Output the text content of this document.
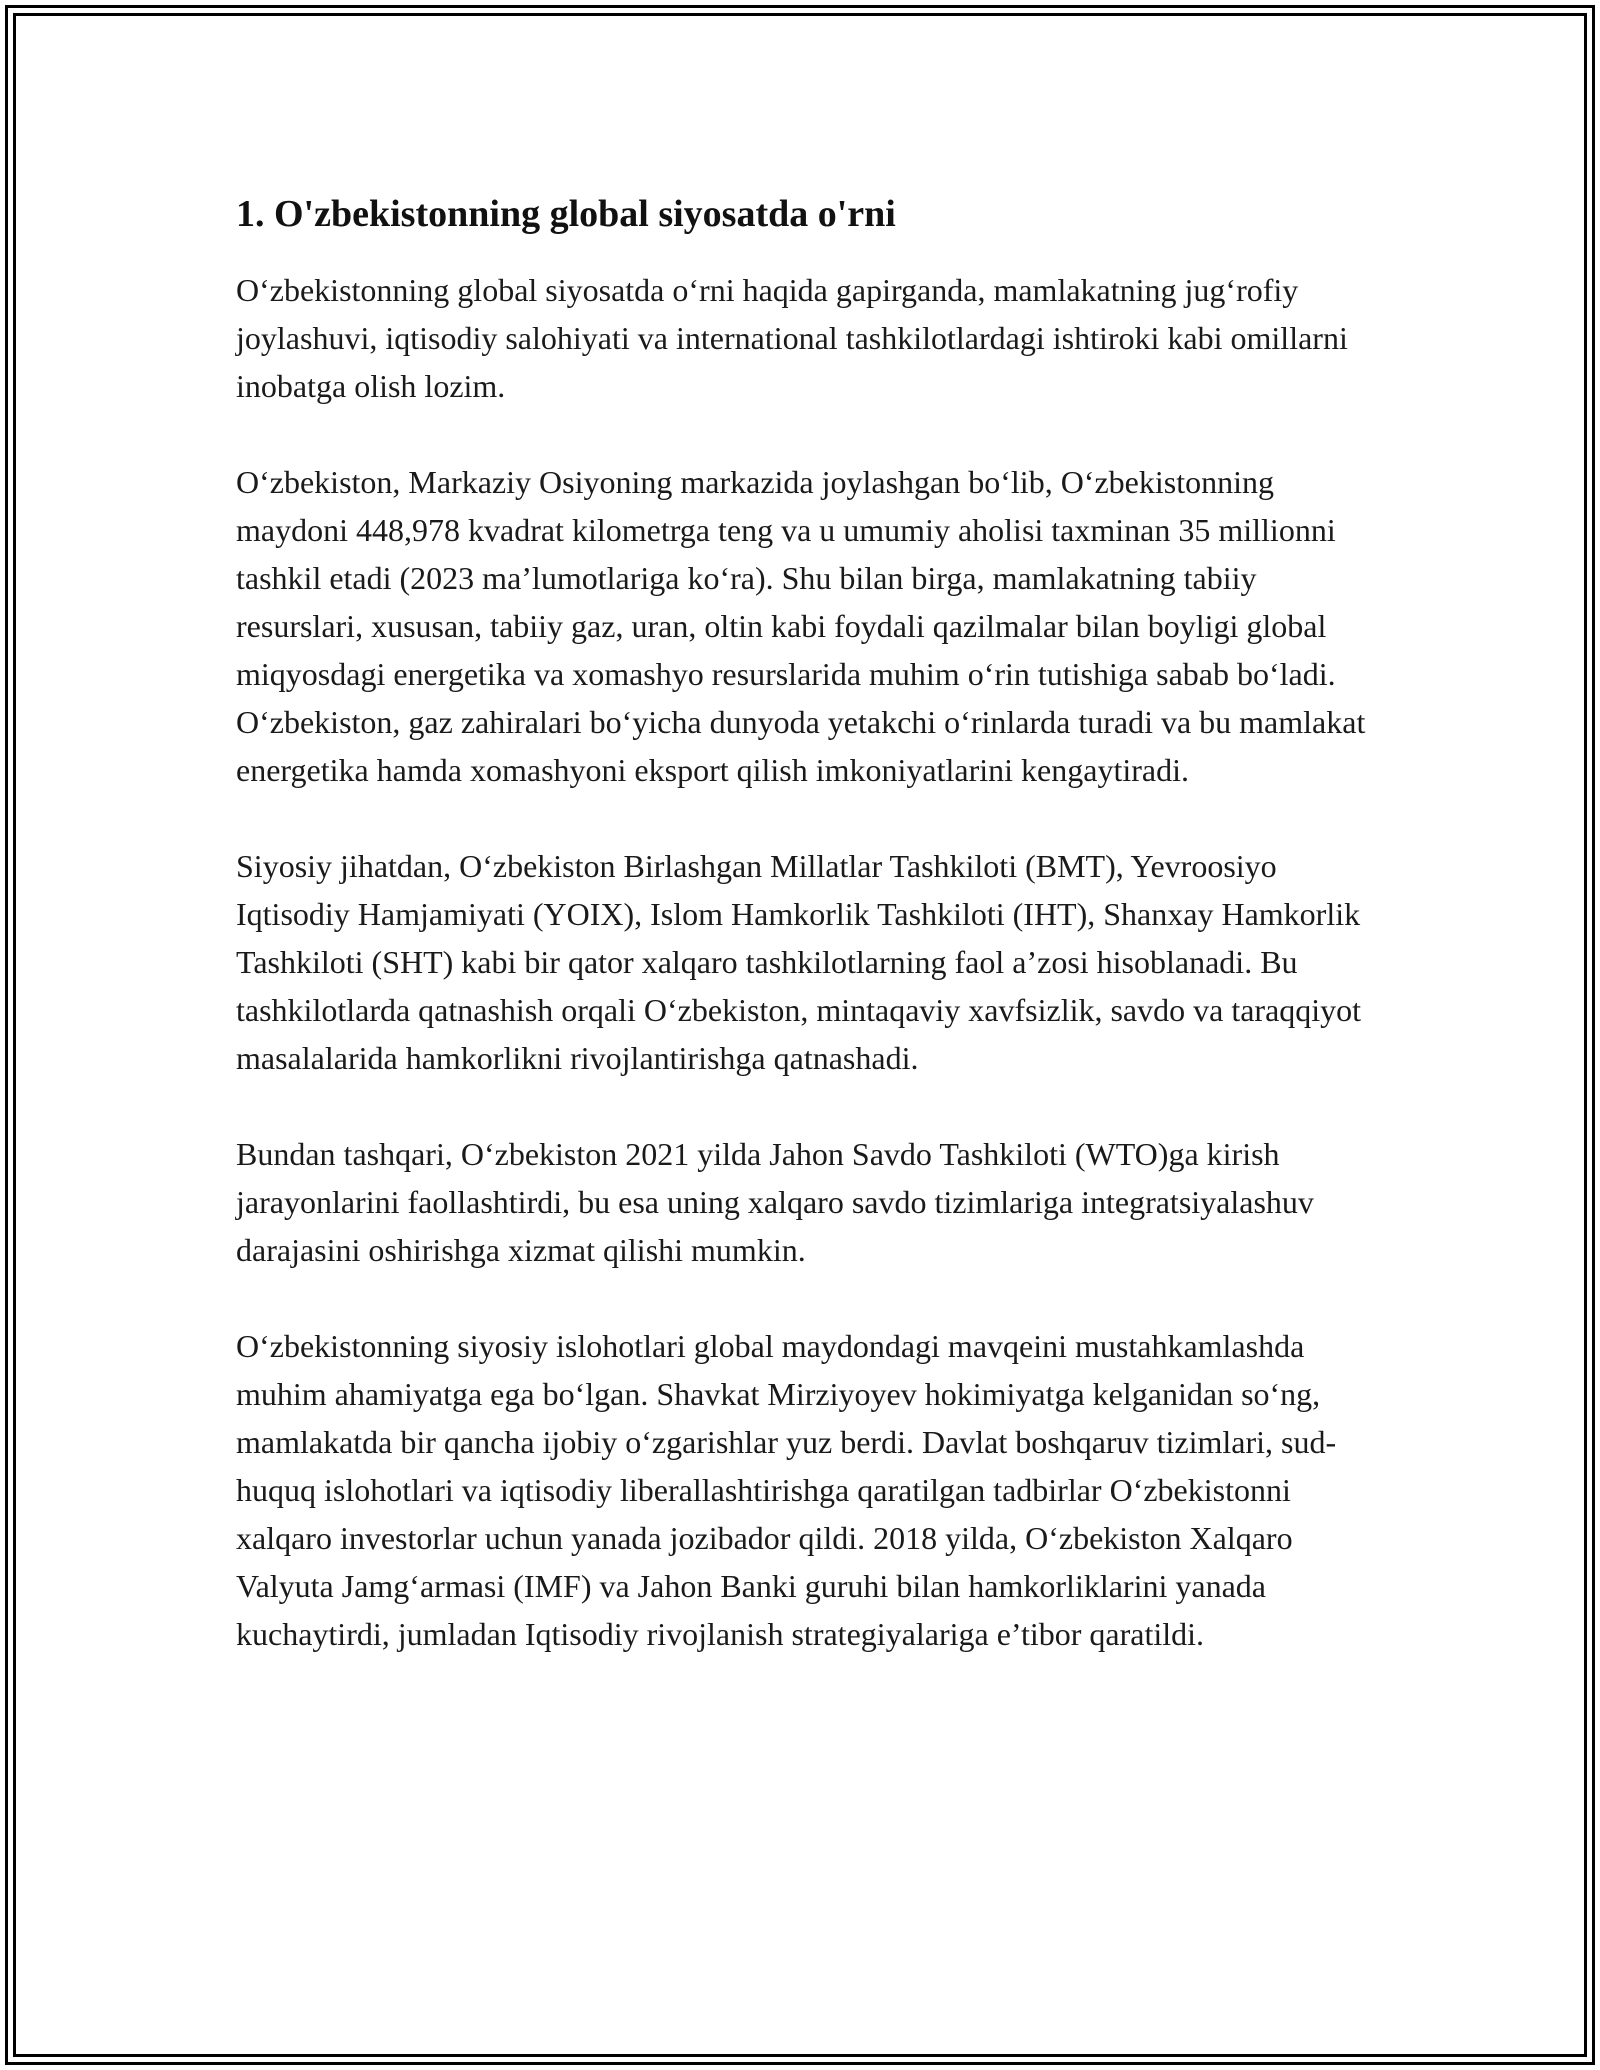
1. O'zbekistonning global siyosatda o'rni

O‘zbekistonning global siyosatda o‘rni haqida gapirganda, mamlakatning jug‘rofiy joylashuvi, iqtisodiy salohiyati va international tashkilotlardagi ishtiroki kabi omillarni inobatga olish lozim.

O‘zbekiston, Markaziy Osiyoning markazida joylashgan bo‘lib, O‘zbekistonning maydoni 448,978 kvadrat kilometrga teng va u umumiy aholisi taxminan 35 millionni tashkil etadi (2023 ma’lumotlariga ko‘ra). Shu bilan birga, mamlakatning tabiiy resurslari, xususan, tabiiy gaz, uran, oltin kabi foydali qazilmalar bilan boyligi global miqyosdagi energetika va xomashyo resurslarida muhim o‘rin tutishiga sabab bo‘ladi. O‘zbekiston, gaz zahiralari bo‘yicha dunyoda yetakchi o‘rinlarda turadi va bu mamlakat energetika hamda xomashyoni eksport qilish imkoniyatlarini kengaytiradi.

Siyosiy jihatdan, O‘zbekiston Birlashgan Millatlar Tashkiloti (BMT), Yevroosiyo Iqtisodiy Hamjamiyati (YOIX), Islom Hamkorlik Tashkiloti (IHT), Shanxay Hamkorlik Tashkiloti (SHT) kabi bir qator xalqaro tashkilotlarning faol a’zosi hisoblanadi. Bu tashkilotlarda qatnashish orqali O‘zbekiston, mintaqaviy xavfsizlik, savdo va taraqqiyot masalalarida hamkorlikni rivojlantirishga qatnashadi.

Bundan tashqari, O‘zbekiston 2021 yilda Jahon Savdo Tashkiloti (WTO)ga kirish jarayonlarini faollashtirdi, bu esa uning xalqaro savdo tizimlariga integratsiyalashuv darajasini oshirishga xizmat qilishi mumkin.

O‘zbekistonning siyosiy islohotlari global maydondagi mavqeini mustahkamlashda muhim ahamiyatga ega bo‘lgan. Shavkat Mirziyoyev hokimiyatga kelganidan so‘ng, mamlakatda bir qancha ijobiy o‘zgarishlar yuz berdi. Davlat boshqaruv tizimlari, sud-huquq islohotlari va iqtisodiy liberallashtirishga qaratilgan tadbirlar O‘zbekistonni xalqaro investorlar uchun yanada jozibador qildi. 2018 yilda, O‘zbekiston Xalqaro Valyuta Jamg‘armasi (IMF) va Jahon Banki guruhi bilan hamkorliklarini yanada kuchaytirdi, jumladan Iqtisodiy rivojlanish strategiyalariga e’tibor qaratildi.
